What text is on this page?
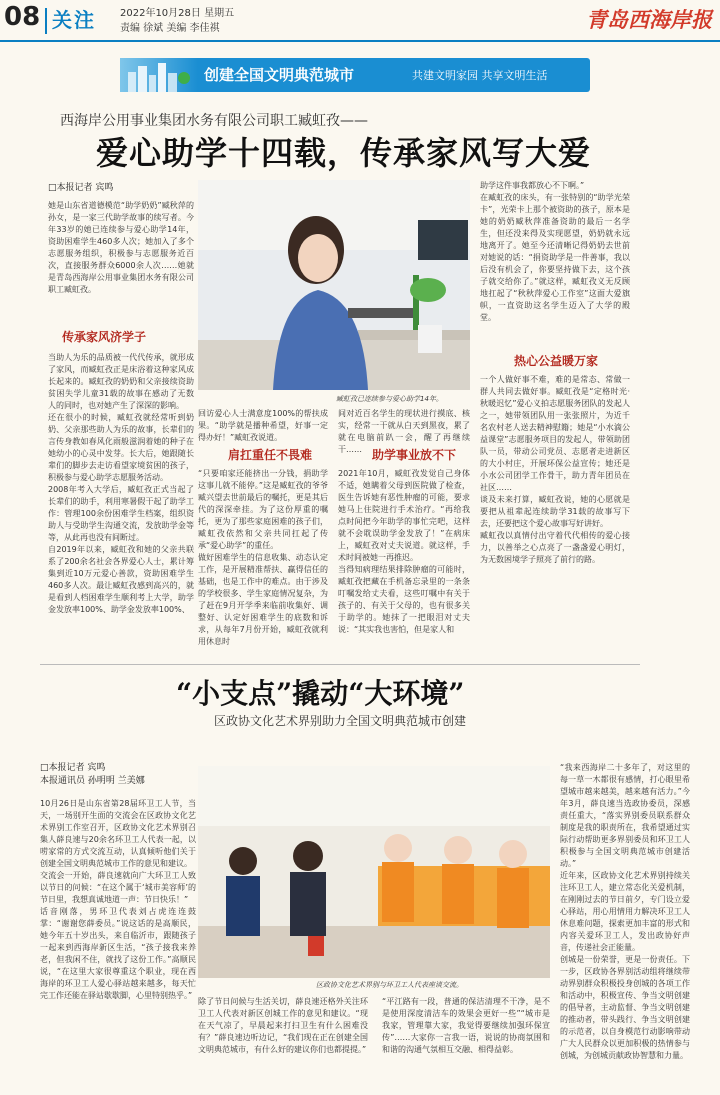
08 关注 2022年10月28日 星期五
责编 徐斌 美编 李佳祺	青岛西海岸报
创建全国文明典范城市	共建文明家园 共享文明生活
西海岸公用事业集团水务有限公司职工臧虹孜——
爱心助学十四载，传承家风写大爱
□本报记者 宾鸣
她是山东省道德模范“助学奶奶”臧秋萍的孙女，是一家三代助学故事的续写者。今年33岁的她已连续参与爱心助学14年，资助困难学生460多人次；她加入了多个志愿服务组织，积极参与志愿服务近百次，直接服务群众6000余人次……她就是青岛西海岸公用事业集团水务有限公司职工臧虹孜。
传承家风济学子
当助人为乐的品质被一代代传承，就形成了家风，而臧虹孜正是床浴着这种家风成长起来的。臧虹孜的奶奶和父亲接续资助贫困失学儿童31载的故事在感动了无数人的同时，也对她产生了深深的影响。
还在很小的时候，臧虹孜就经常听到奶奶、父亲那些助人为乐的故事，长辈们的言传身教如春风化雨般滋润着她的种子在她幼小的心灵中发芽。长大后，她跟随长辈们的脚步去走访看望家境贫困的孩子，积极参与爱心助学志愿服务活动。
2008年考入大学后，臧虹孜正式当起了长辈们的助手，利用寒暑假干起了助学工作：管理100余份困难学生档案，组织资助人与受助学生沟通交流，发放助学金等等，从此再也没有间断过。
自2019年以来，臧虹孜和她的父亲共联系了200余名社会各界爱心人士，累计筹集到近10万元爱心善款，资助困难学生460多人次。最让臧虹孜感到高兴的，就是看到人档困难学生顺利考上大学，助学金发放率100%、助学金发放率100%、
臧虹孜已连续参与爱心助学14年。
回访爱心人士满意度100%的帮扶成果。“助学就是播种希望，好事一定得办好！”臧虹孜说道。
肩扛重任不畏难
“只要咱家还能挤出一分钱，捐助学这事儿就不能停。”这是臧虹孜的爷爷臧兴望去世前最后的嘱托，更是其后代的深深牵挂。为了这份厚重的嘱托，更为了那些家庭困难的孩子们，臧虹孜依然和父亲共同扛起了传承“爱心助学”的重任。
做好困难学生的信息收集、动态认定工作，是开展精准帮扶、赢得信任的基础，也是工作中的难点。由于涉及的学校很多、学生家庭情况复杂，为了赶在9月开学季来临前收集好、调整好、认定好困难学生的底数和诉求，从每年7月份开始，臧虹孜就利用休息时
间对近百名学生的现状进行摸底、核实，经常一干就从白天到黑夜，累了就在电脑前趴一会，醒了再继续干…… 助学事业放不下
2021年10月，臧虹孜发觉自己身体不适，她瞒着父母到医院做了检查，医生告诉她有恶性肿瘤的可能，要求她马上住院进行手术治疗。“再给我点时间把今年助学的事忙完吧，这样就不会耽误助学金发放了！”在病床上，臧虹孜对丈夫说道。就这样，手术时间被她一再推迟。
当得知病理结果排除肿瘤的可能时，臧虹孜把藏在手机备忘录里的一条条叮嘱发给丈夫看，这些叮嘱中有关于孩子的、有关于父母的，也有很多关于助学的。她抹了一把眼泪对丈夫说：“其实我也害怕，但是家人和
助学这件事我都放心不下啊。”
在臧虹孜的床头，有一张特别的“助学光荣卡”，光荣卡上那个被资助的孩子，原本是她的奶奶臧秋萍准备资助的最后一名学生，但还没来得及实现愿望，奶奶就永远地离开了。她至今还清晰记得奶奶去世前对她说的话：“捐资助学是一件善事，我以后没有机会了，你要坚持做下去，这个孩子就交给你了。”就这样，臧虹孜义无反顾地扛起了“秋秋萍爱心工作室”这面大爱旗帜，一直资助这名学生迈入了大学的殿堂。
热心公益暖万家
一个人做好事不难，难的是常态、常做一群人共同去做好事。臧虹孜是“定格时光·秋暖迟忆”爱心义拍志愿服务团队的发起人之一，她带领团队用一张张照片，为近千名农村老人送去精神慰籍；她是“小水滴公益课堂”志愿服务项目的发起人，带领助团队一员，带动公司党员、志愿者走进新区的大小村庄，开展环保公益宣传；她还是小水公司团学工作骨干，助力青年团员在社区……
谈及未来打算，臧虹孜说，她的心愿就是要把从祖辈起连续助学31载的故事写下去，还要把这个爱心故事写好讲好。
臧虹孜以真情付出守着代代相传的爱心接力，以善举之心点亮了一盏盏爱心明灯，为无数困境学子照亮了前行的路。
“小支点”撬动“大环境”
区政协文化艺术界别助力全国文明典范城市创建
□本报记者 宾鸣
本报通讯员 孙明明 兰美娜
10月26日是山东省第28届环卫工人节，当天，一场别开生面的交流会在区政协文化艺术界别工作室召开，区政协文化艺术界别召集人薛良速与20余名环卫工人代表一起，以唠家常的方式交流互动，认真倾听他们关于创建全国文明典范城市工作的意见和建议。
交流会一开始，薛良速就向广大环卫工人致以节日的问候：“在这个属于‘城市美容师’的节日里，我想真诚地道一声：节日快乐！”
话音刚落，男环卫代表刘占虎连连鼓掌：“谢谢您薛委员。”说这话的是高顺民，她今年五十岁出头，来自临沂市，跟随孩子一起来到西海岸新区生活，“孩子接我来养老，但我闲不住，就找了这份工作。”高顺民说，“在这里大家很尊重这个职业，现在西海岸的环卫工人爱心驿站越来越多，每天忙完工作还能在驿站歇歇脚，心里特别热乎。”
区政协文化艺术界别与环卫工人代表座谈交流。
除了节日问候与生活关切，薛良速还格外关注环卫工人代表对新区创城工作的意见和建议。“现在天气凉了，早晨起来打扫卫生有什么困难没有？”薛良速边听边记，“我们现在正在创建全国文明典范城市，有什么好的建议你们也都提提。”
“平江路有一段，普通的保洁清理不干净，是不是使用深度清洁车的效果会更好一些”“城市是我家，管理靠大家，我觉得要继续加强环保宣传”……大家你一言我一语，说说的协商氛围和和谐的沟通气氛相互交融、相得益彰。
“我来西海岸二十多年了，对这里的每一草一木都很有感情，打心眼里希望城市越来越美，越来越有活力。”今年3月，薛良速当选政协委员，深感责任重大，“落实界别委员联系群众制度是我的职责所在，我希望通过实际行动帮助更多界别委员和环卫工人积极参与全国文明典范城市创建活动。”
近年来，区政协文化艺术界别持续关注环卫工人，建立常态化关爱机制，在刚刚过去的节日前夕，专门设立爱心驿站，用心用情用力解决环卫工人休息难问题，探索更加丰富的形式和内容关爱环卫工人，发出政协好声音，传递社会正能量。
创城是一份荣誉，更是一份责任。下一步，区政协各界别活动组将继续带动界别群众积极投身创城的各项工作和活动中，积极宣传、争当文明创建的倡导者，主动监督、争当文明创建的推动者，带头践行、争当文明创建的示范者，以自身模范行动影响带动广大人民群众以更加积极的热情参与创城，为创城贡献政协智慧和力量。
